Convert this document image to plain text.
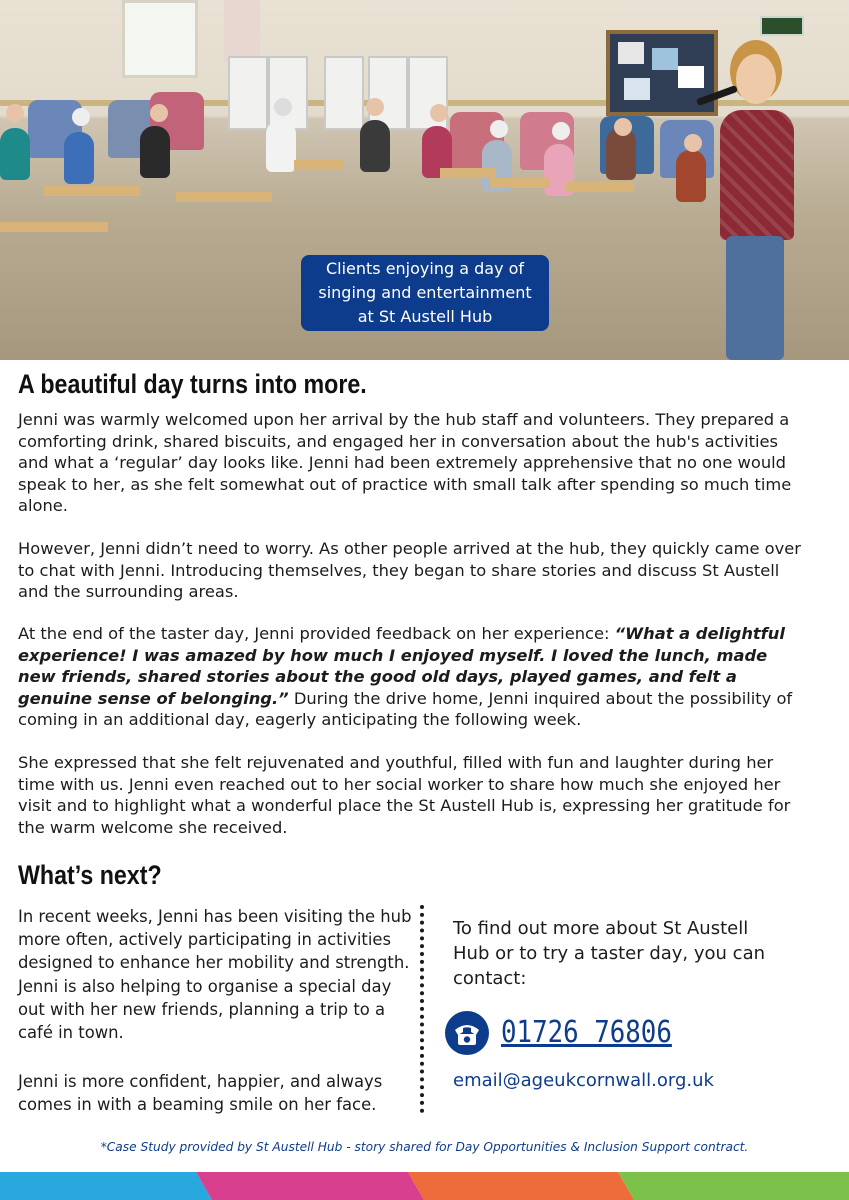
Clients enjoying a day of
singing and entertainment
at St Austell Hub
A beautiful day turns into more.

Jenni was warmly welcomed upon her arrival by the hub staff and volunteers. They prepared a comforting drink, shared biscuits, and engaged her in conversation about the hub's activities and what a ‘regular’ day looks like. Jenni had been extremely apprehensive that no one would speak to her, as she felt somewhat out of practice with small talk after spending so much time alone.

However, Jenni didn’t need to worry. As other people arrived at the hub, they quickly came over to chat with Jenni. Introducing themselves, they began to share stories and discuss St Austell and the surrounding areas.

At the end of the taster day, Jenni provided feedback on her experience: “What a delightful experience! I was amazed by how much I enjoyed myself. I loved the lunch, made new friends, shared stories about the good old days, played games, and felt a genuine sense of belonging.” During the drive home, Jenni inquired about the possibility of coming in an additional day, eagerly anticipating the following week.

She expressed that she felt rejuvenated and youthful, filled with fun and laughter during her time with us. Jenni even reached out to her social worker to share how much she enjoyed her visit and to highlight what a wonderful place the St Austell Hub is, expressing her gratitude for the warm welcome she received.

What’s next?

In recent weeks, Jenni has been visiting the hub more often, actively participating in activities designed to enhance her mobility and strength. Jenni is also helping to organise a special day out with her new friends, planning a trip to a café in town.

Jenni is more confident, happier, and always comes in with a beaming smile on her face.

To find out more about St Austell Hub or to try a taster day, you can contact:

01726 76806
email@ageukcornwall.org.uk

*Case Study provided by St Austell Hub - story shared for Day Opportunities & Inclusion Support contract.
